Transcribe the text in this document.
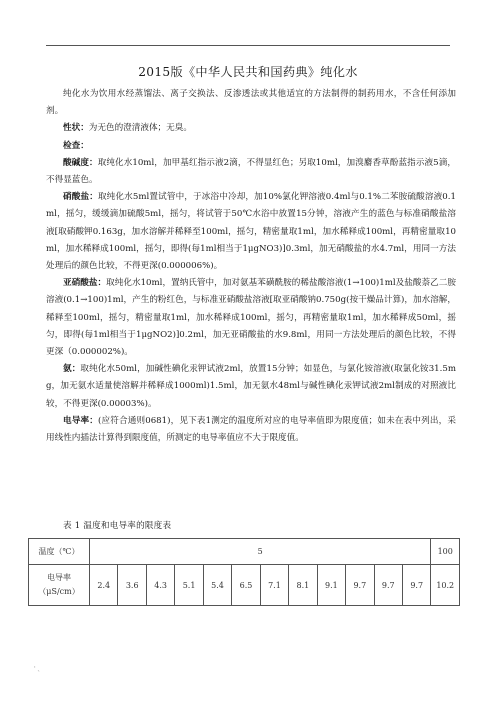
2015版《中华人民共和国药典》纯化水

纯化水为饮用水经蒸馏法、离子交换法、反渗透法或其他适宜的方法制得的制药用水，不含任何添加剂。

性状：为无色的澄清液体；无臭。

检查：

酸碱度：取纯化水10ml，加甲基红指示液2滴，不得显红色；另取10ml，加溴麝香草酚蓝指示液5滴，不得显蓝色。

硝酸盐：取纯化水5ml置试管中，于冰浴中冷却，加10%氯化钾溶液0.4ml与0.1%二苯胺硫酸溶液0.1ml，摇匀，缓缓滴加硫酸5ml，摇匀，将试管于50℃水浴中放置15分钟，溶液产生的蓝色与标准硝酸盐溶液[取硝酸钾0.163g，加水溶解并稀释至100ml，摇匀，精密量取1ml，加水稀释成100ml，再精密量取10ml，加水稀释成100ml，摇匀，即得(每1ml相当于1μgNO3)]0.3ml，加无硝酸盐的水4.7ml，用同一方法处理后的颜色比较，不得更深(0.000006%)。

亚硝酸盐：取纯化水10ml，置纳氏管中，加对氨基苯磺酰胺的稀盐酸溶液(1→100)1ml及盐酸萘乙二胺溶液(0.1→100)1ml，产生的粉红色，与标准亚硝酸盐溶液[取亚硝酸钠0.750g(按干燥品计算)，加水溶解，稀释至100ml，摇匀，精密量取1ml，加水稀释成100ml，摇匀，再精密量取1ml，加水稀释成50ml，摇匀，即得(每1ml相当于1μgNO2)]0.2ml，加无亚硝酸盐的水9.8ml，用同一方法处理后的颜色比较，不得更深（0.000002%)。

氨：取纯化水50ml，加碱性碘化汞钾试液2ml，放置15分钟；如显色，与氯化铵溶液(取氯化铵31.5mg，加无氨水适量使溶解并稀释成1000ml)1.5ml，加无氨水48ml与碱性碘化汞钾试液2ml制成的对照液比较，不得更深(0.00003%)。

电导率：(应符合通则0681)，见下表1测定的温度所对应的电导率值即为限度值；如未在表中列出，采用线性内插法计算得到限度值，所测定的电导率值应不大于限度值。

表 1 温度和电导率的限度表
温度（℃）	5												100

电导率
（μS/cm）	2.4	3.6	4.3	5.1	5.4	6.5	7.1	8.1	9.1	9.7	9.7	9.7	10.2
' 、
